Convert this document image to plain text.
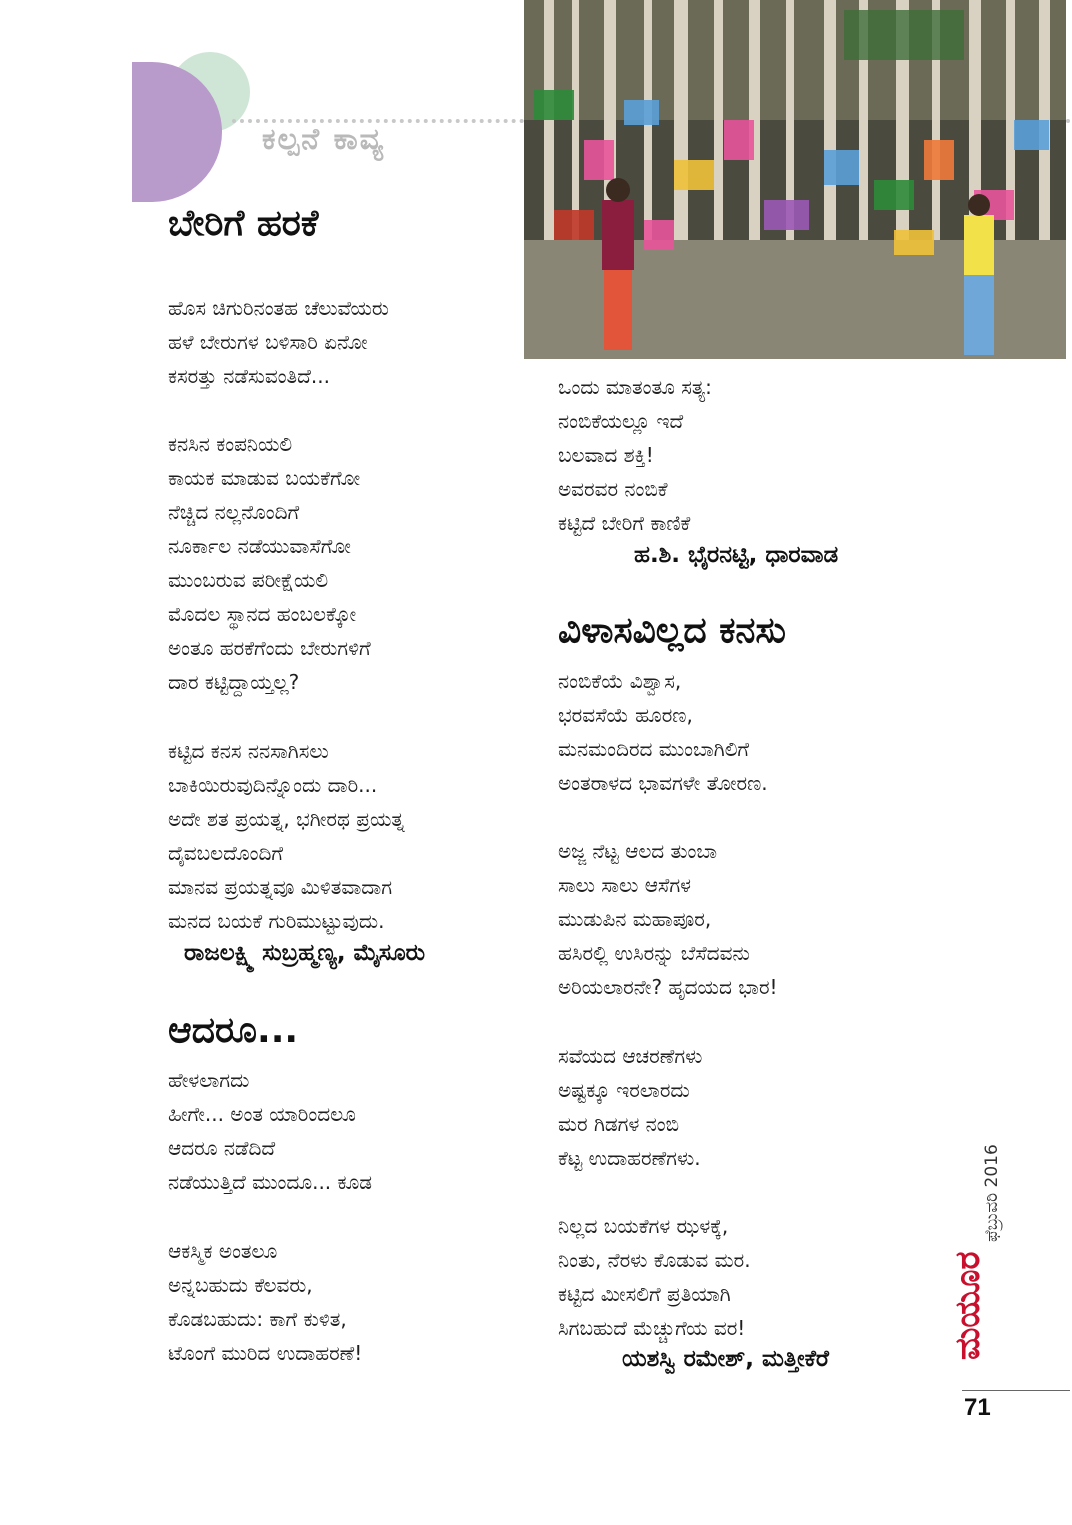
ಕಲ್ಪನೆ ಕಾವ್ಯ
ಬೇರಿಗೆ ಹರಕೆ
ಹೊಸ ಚಿಗುರಿನಂತಹ ಚೆಲುವೆಯರು
ಹಳೆ ಬೇರುಗಳ ಬಳಿಸಾರಿ ಏನೋ
ಕಸರತ್ತು ನಡೆಸುವಂತಿದೆ...
ಕನಸಿನ ಕಂಪನಿಯಲಿ
ಕಾಯಕ ಮಾಡುವ ಬಯಕೆಗೋ
ನೆಚ್ಚಿದ ನಲ್ಲನೊಂದಿಗೆ
ನೂರ್ಕಾಲ ನಡೆಯುವಾಸೆಗೋ
ಮುಂಬರುವ ಪರೀಕ್ಷೆಯಲಿ
ಮೊದಲ ಸ್ಥಾನದ ಹಂಬಲಕ್ಕೋ
ಅಂತೂ ಹರಕೆಗೆಂದು ಬೇರುಗಳಿಗೆ
ದಾರ ಕಟ್ಟಿದ್ದಾಯ್ತಲ್ಲ?
ಕಟ್ಟಿದ ಕನಸ ನನಸಾಗಿಸಲು
ಬಾಕಿಯಿರುವುದಿನ್ನೊಂದು ದಾರಿ...
ಅದೇ ಶತ ಪ್ರಯತ್ನ, ಭಗೀರಥ ಪ್ರಯತ್ನ
ದೈವಬಲದೊಂದಿಗೆ
ಮಾನವ ಪ್ರಯತ್ನವೂ ಮಿಳಿತವಾದಾಗ
ಮನದ ಬಯಕೆ ಗುರಿಮುಟ್ಟುವುದು.
ರಾಜಲಕ್ಷ್ಮಿ ಸುಬ್ರಹ್ಮಣ್ಯ, ಮೈಸೂರು
ಆದರೂ...
ಹೇಳಲಾಗದು
ಹೀಗೇ... ಅಂತ ಯಾರಿಂದಲೂ
ಆದರೂ ನಡೆದಿದೆ
ನಡೆಯುತ್ತಿದೆ ಮುಂದೂ... ಕೂಡ
ಆಕಸ್ಮಿಕ ಅಂತಲೂ
ಅನ್ನಬಹುದು ಕೆಲವರು,
ಕೊಡಬಹುದು: ಕಾಗೆ ಕುಳಿತ,
ಟೊಂಗೆ ಮುರಿದ ಉದಾಹರಣೆ!
ಒಂದು ಮಾತಂತೂ ಸತ್ಯ:
ನಂಬಿಕೆಯಲ್ಲೂ ಇದೆ
ಬಲವಾದ ಶಕ್ತಿ!
ಅವರವರ ನಂಬಿಕೆ
ಕಟ್ಟಿದೆ ಬೇರಿಗೆ ಕಾಣಿಕೆ
ಹ.ಶಿ. ಭೈರನಟ್ಟಿ, ಧಾರವಾಡ
ವಿಳಾಸವಿಲ್ಲದ ಕನಸು
ನಂಬಿಕೆಯೆ ವಿಶ್ವಾಸ,
ಭರವಸೆಯೆ ಹೂರಣ,
ಮನಮಂದಿರದ ಮುಂಬಾಗಿಲಿಗೆ
ಅಂತರಾಳದ ಭಾವಗಳೇ ತೋರಣ.
ಅಜ್ಜ ನೆಟ್ಟ ಆಲದ ತುಂಬಾ
ಸಾಲು ಸಾಲು ಆಸೆಗಳ
ಮುಡುಪಿನ ಮಹಾಪೂರ,
ಹಸಿರಲ್ಲಿ ಉಸಿರನ್ನು ಬೆಸೆದವನು
ಅರಿಯಲಾರನೇ? ಹೃದಯದ ಭಾರ!
ಸವೆಯದ ಆಚರಣೆಗಳು
ಅಷ್ಟಕ್ಕೂ ಇರಲಾರದು
ಮರ ಗಿಡಗಳ ನಂಬಿ
ಕೆಟ್ಟ ಉದಾಹರಣೆಗಳು.
ನಿಲ್ಲದ ಬಯಕೆಗಳ ಝಳಕ್ಕೆ,
ನಿಂತು, ನೆರಳು ಕೊಡುವ ಮರ.
ಕಟ್ಟಿದ ಮೀಸಲಿಗೆ ಪ್ರತಿಯಾಗಿ
ಸಿಗಬಹುದೆ ಮೆಚ್ಚುಗೆಯ ವರ!
ಯಶಸ್ವಿ ರಮೇಶ್, ಮತ್ತೀಕೆರೆ	ಮಯೂರ
ಫೆಬ್ರುವರಿ 2016
71
